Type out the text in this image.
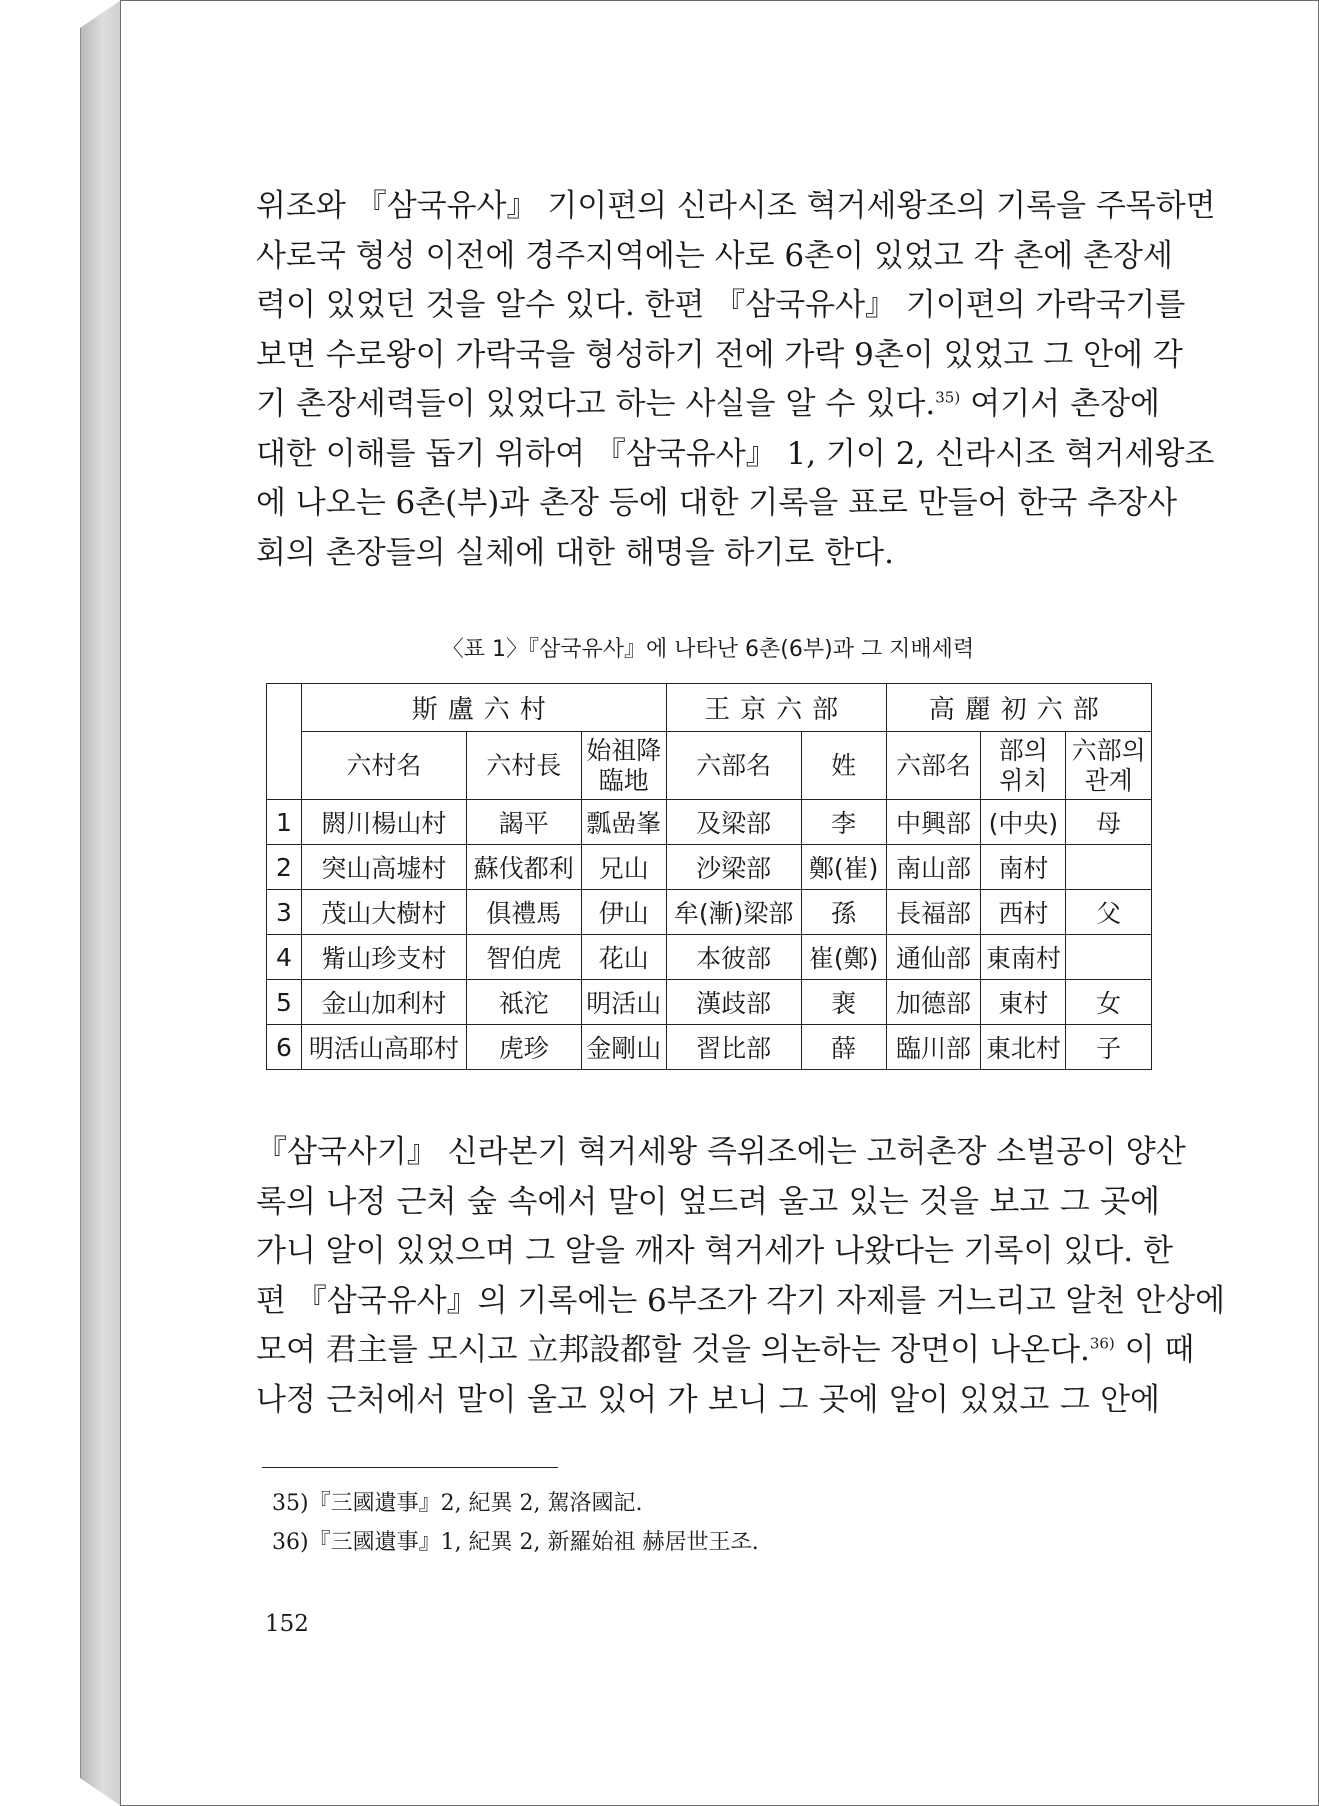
위조와 『삼국유사』 기이편의 신라시조 혁거세왕조의 기록을 주목하면
사로국 형성 이전에 경주지역에는 사로 6촌이 있었고 각 촌에 촌장세
력이 있었던 것을 알수 있다. 한편 『삼국유사』 기이편의 가락국기를
보면 수로왕이 가락국을 형성하기 전에 가락 9촌이 있었고 그 안에 각
기 촌장세력들이 있었다고 하는 사실을 알 수 있다.$^{35)}$ 여기서 촌장에
대한 이해를 돕기 위하여 『삼국유사』 1, 기이 2, 신라시조 혁거세왕조
에 나오는 6촌(부)과 촌장 등에 대한 기록을 표로 만들어 한국 추장사
회의 촌장들의 실체에 대한 해명을 하기로 한다.
〈표 1〉『삼국유사』에 나타난 6촌(6부)과 그 지배세력
	斯盧六村			王京六部		高麗初六部		
	六村名	六村長	始祖降臨地	六部名	姓	六部名	部의 위치	六部의 관계
1	閼川楊山村	謁平	瓢嵒峯	及梁部	李	中興部	(中央)	母
2	突山高墟村	蘇伐都利	兄山	沙梁部	鄭(崔)	南山部	南村	
3	茂山大樹村	俱禮馬	伊山	牟(漸)梁部	孫	長福部	西村	父
4	觜山珍支村	智伯虎	花山	本彼部	崔(鄭)	通仙部	東南村	
5	金山加利村	祗沱	明活山	漢歧部	裵	加德部	東村	女
6	明活山高耶村	虎珍	金剛山	習比部	薛	臨川部	東北村	子
『삼국사기』 신라본기 혁거세왕 즉위조에는 고허촌장 소벌공이 양산
록의 나정 근처 숲 속에서 말이 엎드려 울고 있는 것을 보고 그 곳에
가니 알이 있었으며 그 알을 깨자 혁거세가 나왔다는 기록이 있다. 한
편 『삼국유사』의 기록에는 6부조가 각기 자제를 거느리고 알천 안상에
모여 君主를 모시고 立邦設都할 것을 의논하는 장면이 나온다.$^{36)}$ 이 때
나정 근처에서 말이 울고 있어 가 보니 그 곳에 알이 있었고 그 안에
35)『三國遺事』2, 紀異 2, 駕洛國記.
36)『三國遺事』1, 紀異 2, 新羅始祖 赫居世王조.
152
